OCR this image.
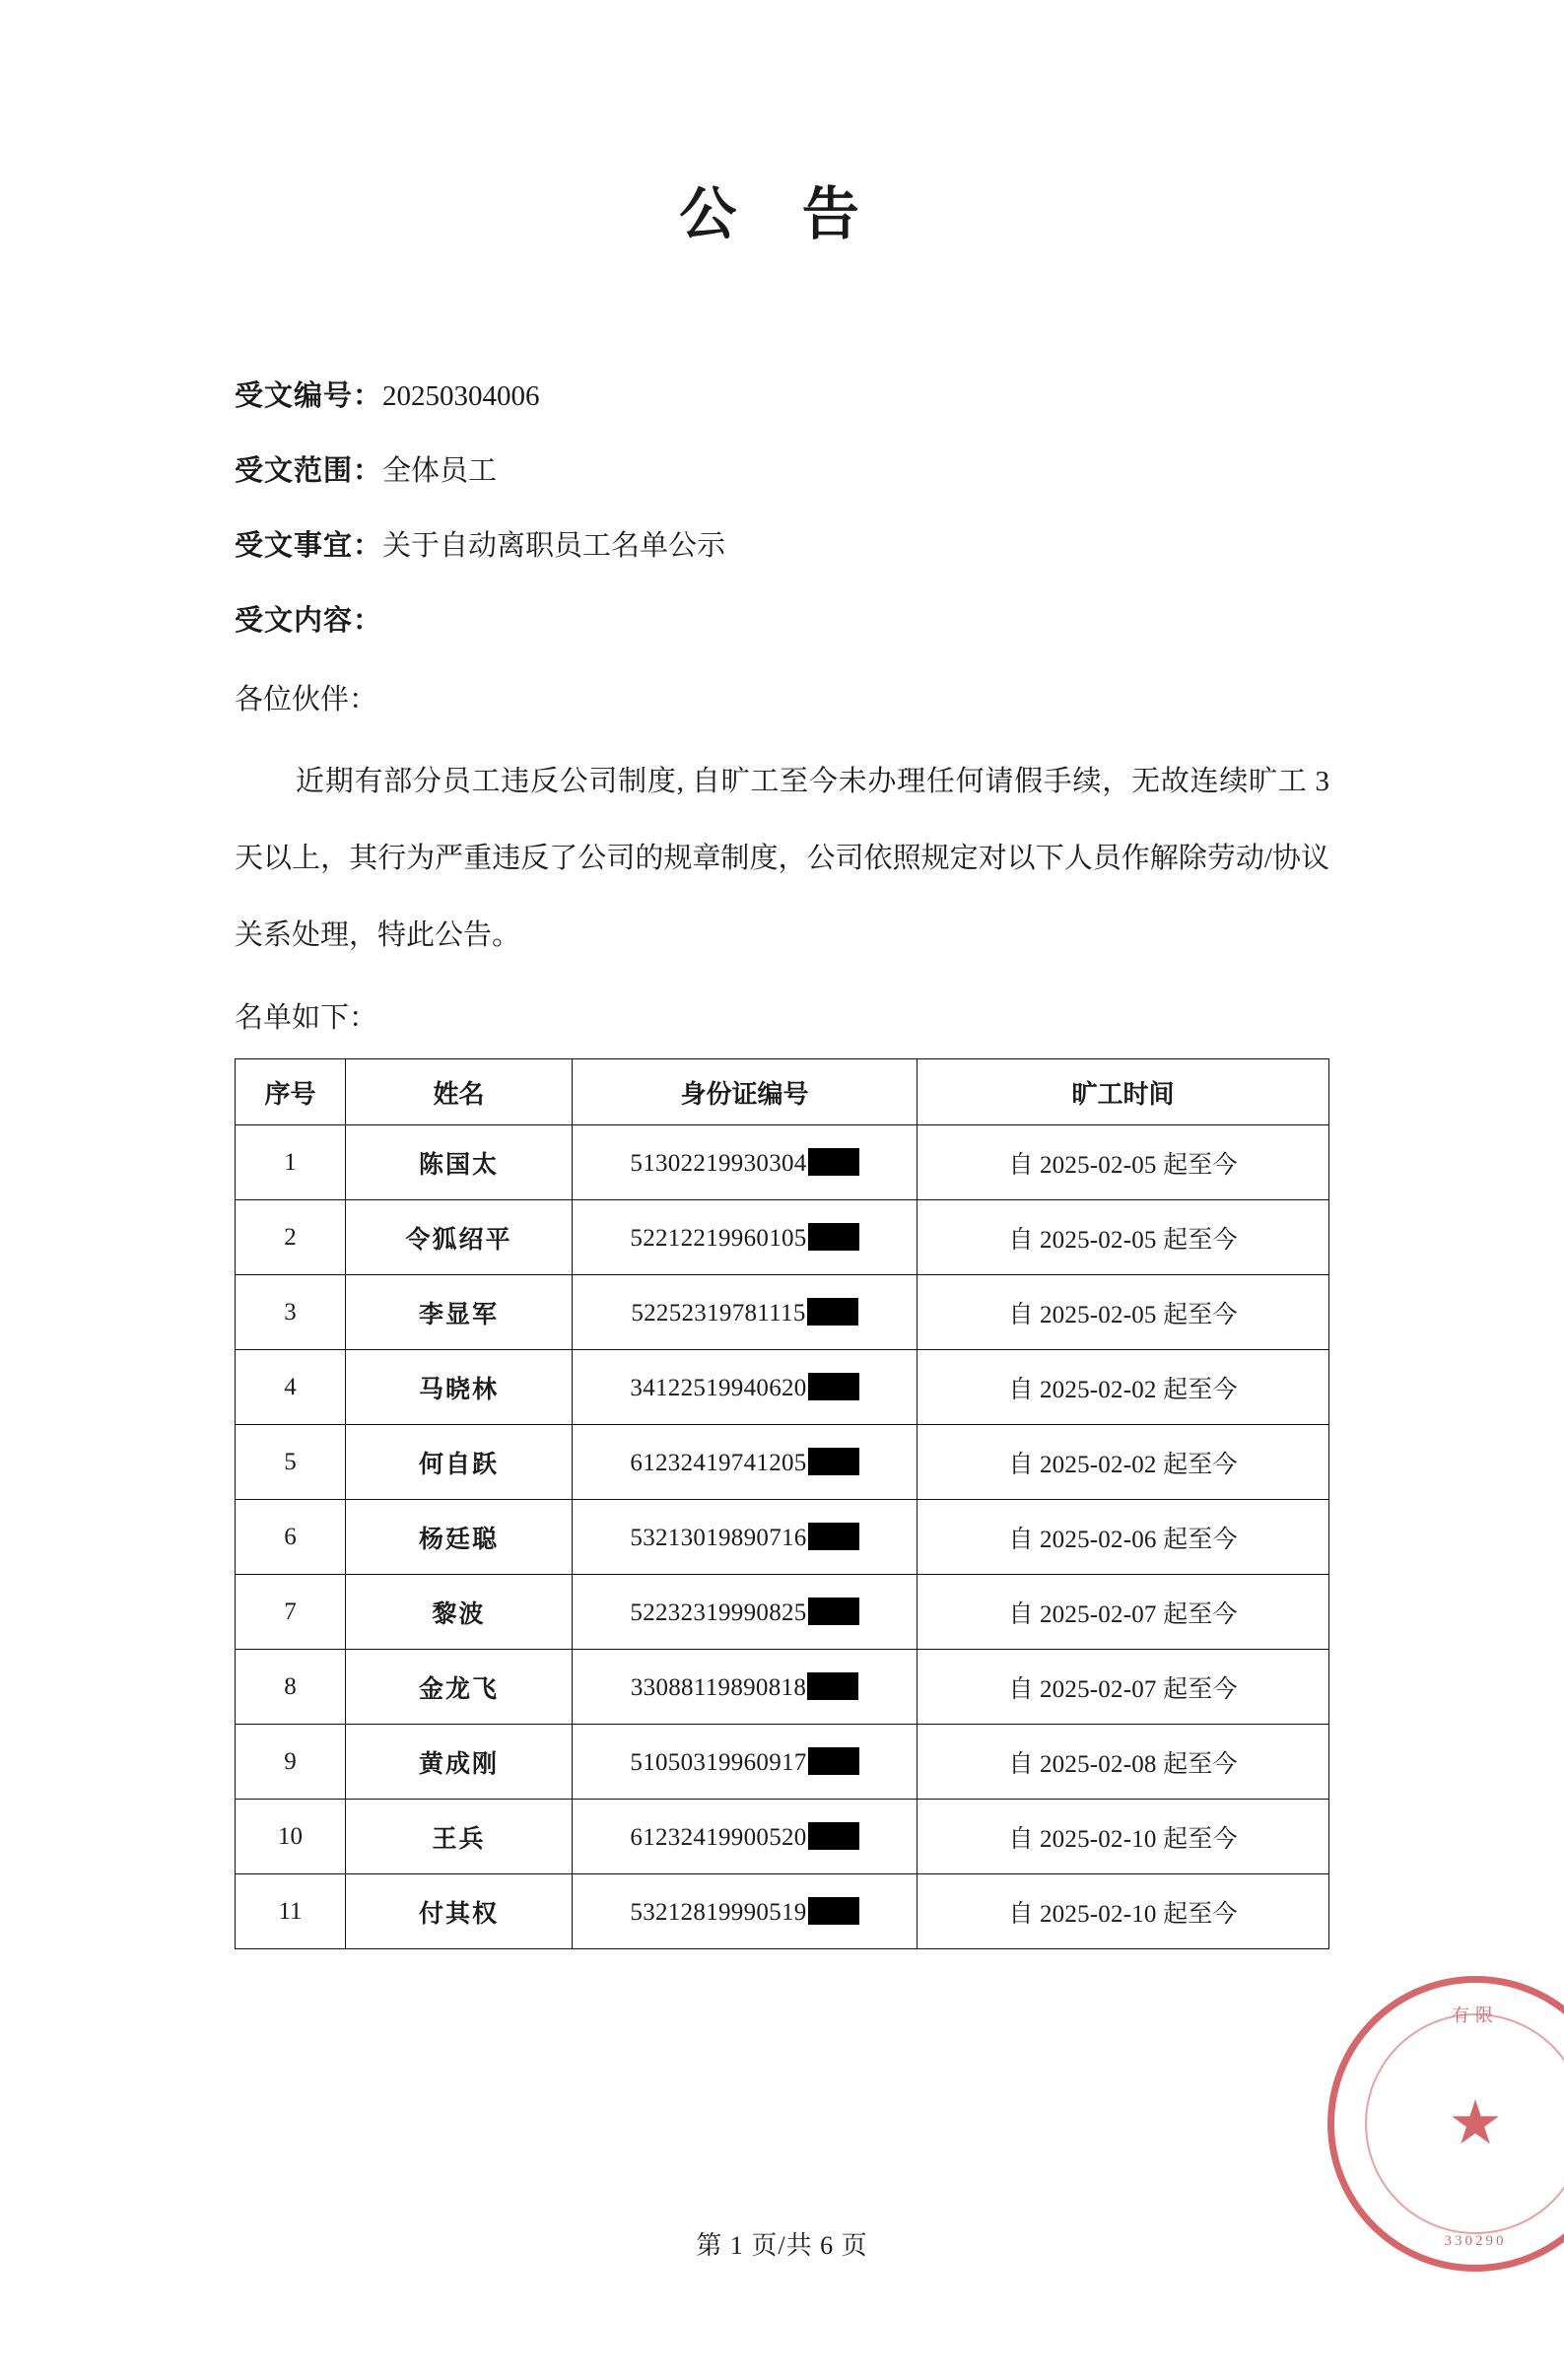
公 告
受文编号：20250304006
受文范围：全体员工
受文事宜：关于自动离职员工名单公示
受文内容：
各位伙伴：
近期有部分员工违反公司制度, 自旷工至今未办理任何请假手续，无故连续旷工 3 天以上，其行为严重违反了公司的规章制度，公司依照规定对以下人员作解除劳动/协议关系处理，特此公告。
名单如下：
序号	姓名	身份证编号	旷工时间
1	陈国太	51302219930304	自 2025-02-05 起至今
2	令狐绍平	52212219960105	自 2025-02-05 起至今
3	李显军	52252319781115	自 2025-02-05 起至今
4	马晓林	34122519940620	自 2025-02-02 起至今
5	何自跃	61232419741205	自 2025-02-02 起至今
6	杨廷聪	53213019890716	自 2025-02-06 起至今
7	黎波	52232319990825	自 2025-02-07 起至今
8	金龙飞	33088119890818	自 2025-02-07 起至今
9	黄成刚	51050319960917	自 2025-02-08 起至今
10	王兵	61232419900520	自 2025-02-10 起至今
11	付其权	53212819990519	自 2025-02-10 起至今
第 1 页/共 6 页
有限
★
330290
